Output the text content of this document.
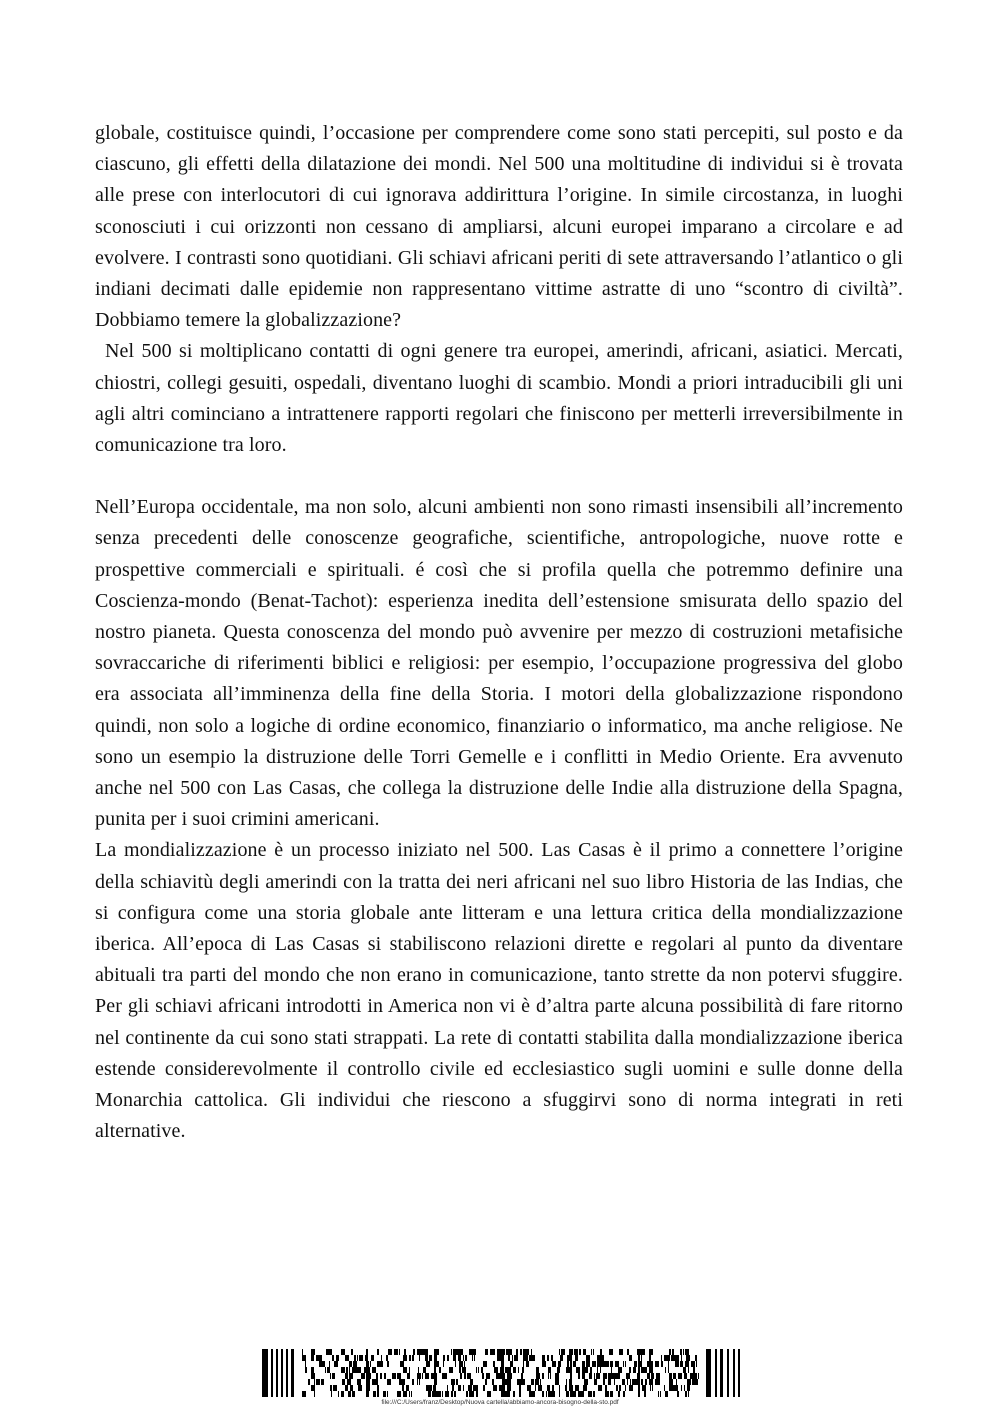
globale, costituisce quindi, l’occasione per comprendere come sono stati percepiti, sul posto e da ciascuno, gli effetti della dilatazione dei mondi. Nel 500 una moltitudine di individui si è trovata alle prese con interlocutori di cui ignorava addirittura l’origine. In simile circostanza, in luoghi sconosciuti i cui orizzonti non cessano di ampliarsi, alcuni europei imparano a circolare e ad evolvere. I contrasti sono quotidiani. Gli schiavi africani periti di sete attraversando l’atlantico o gli indiani decimati dalle epidemie non rappresentano vittime astratte di uno “scontro di civiltà”. Dobbiamo temere la globalizzazione?

Nel 500 si moltiplicano contatti di ogni genere tra europei, amerindi, africani, asiatici. Mercati, chiostri, collegi gesuiti, ospedali, diventano luoghi di scambio. Mondi a priori intraducibili gli uni agli altri cominciano a intrattenere rapporti regolari che finiscono per metterli irreversibilmente in comunicazione tra loro.

Nell’Europa occidentale, ma non solo, alcuni ambienti non sono rimasti insensibili all’incremento senza precedenti delle conoscenze geografiche, scientifiche, antropologiche, nuove rotte e prospettive commerciali e spirituali. é così che si profila quella che potremmo definire una Coscienza-mondo (Benat-Tachot): esperienza inedita dell’estensione smisurata dello spazio del nostro pianeta. Questa conoscenza del mondo può avvenire per mezzo di costruzioni metafisiche sovraccariche di riferimenti biblici e religiosi: per esempio, l’occupazione progressiva del globo era associata all’imminenza della fine della Storia. I motori della globalizzazione rispondono quindi, non solo a logiche di ordine economico, finanziario o informatico, ma anche religiose. Ne sono un esempio la distruzione delle Torri Gemelle e i conflitti in Medio Oriente. Era avvenuto anche nel 500 con Las Casas, che collega la distruzione delle Indie alla distruzione della Spagna, punita per i suoi crimini americani.

La mondializzazione è un processo iniziato nel 500. Las Casas è il primo a connettere l’origine della schiavitù degli amerindi con la tratta dei neri africani nel suo libro Historia de las Indias, che si configura come una storia globale ante litteram e una lettura critica della mondializzazione iberica. All’epoca di Las Casas si stabiliscono relazioni dirette e regolari al punto da diventare abituali tra parti del mondo che non erano in comunicazione, tanto strette da non potervi sfuggire. Per gli schiavi africani introdotti in America non vi è d’altra parte alcuna possibilità di fare ritorno nel continente da cui sono stati strappati. La rete di contatti stabilita dalla mondializzazione iberica estende considerevolmente il controllo civile ed ecclesiastico sugli uomini e sulle donne della Monarchia cattolica. Gli individui che riescono a sfuggirvi sono di norma integrati in reti alternative.

file:///C:/Users/franz/Desktop/Nuova cartella/abbiamo-ancora-bisogno-della-sto.pdf
